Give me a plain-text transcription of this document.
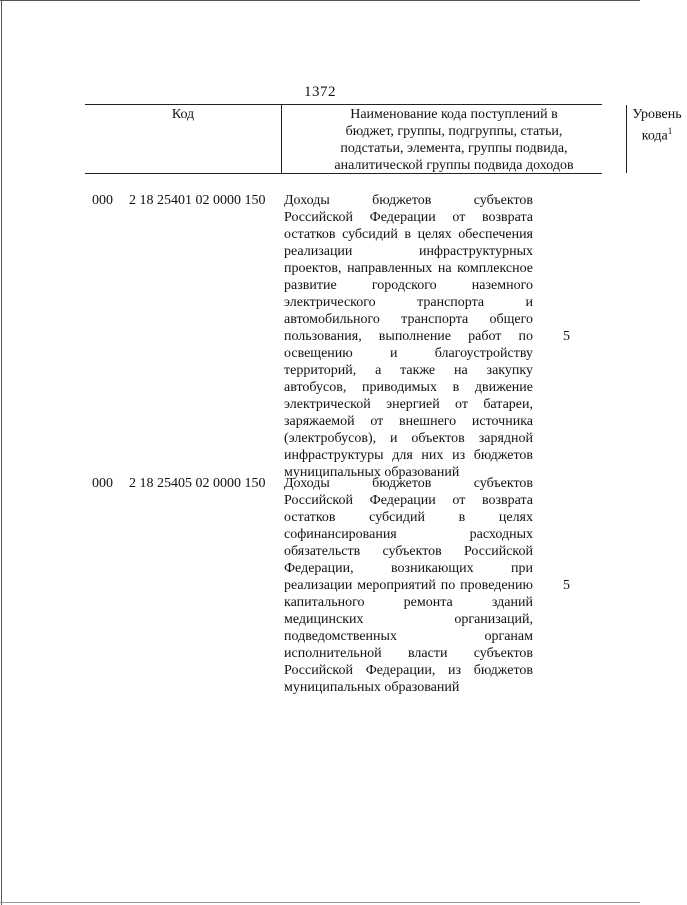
1372
Код	Наименование кода поступлений в
бюджет, группы, подгруппы, статьи,
подстатьи, элемента, группы подвида,
аналитической группы подвида доходов
Уровень
кода$^1$
000 2 18 25401 02 0000 150 Доходы бюджетов субъектов
Российской Федерации от возврата
остатков субсидий в целях обеспечения
реализации инфраструктурных
проектов, направленных на комплексное
развитие городского наземного
электрического транспорта и
автомобильного транспорта общего
пользования, выполнение работ по
освещению и благоустройству
территорий, а также на закупку
автобусов, приводимых в движение
электрической энергией от батареи,
заряжаемой от внешнего источника
(электробусов), и объектов зарядной
инфраструктуры для них из бюджетов
муниципальных образований
5
000 2 18 25405 02 0000 150 Доходы бюджетов субъектов
Российской Федерации от возврата
остатков субсидий в целях
софинансирования расходных
обязательств субъектов Российской
Федерации, возникающих при
реализации мероприятий по проведению
капитального ремонта зданий
медицинских организаций,
подведомственных органам
исполнительной власти субъектов
Российской Федерации, из бюджетов
муниципальных образований
5
